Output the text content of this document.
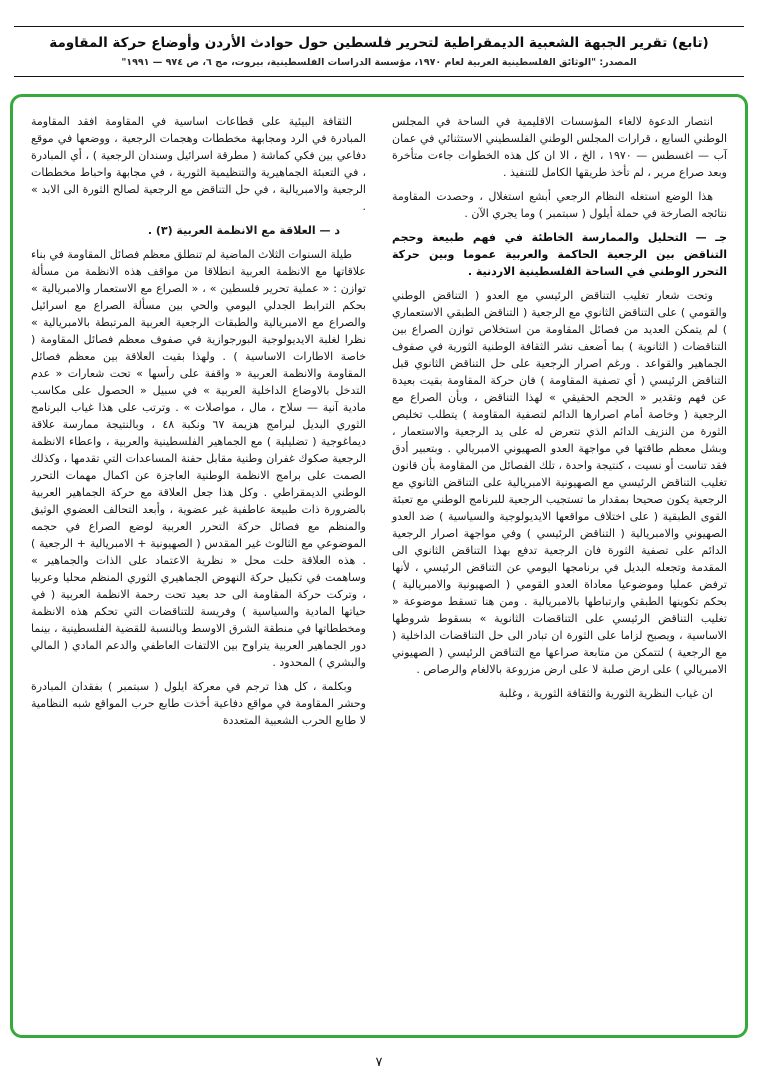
(تابع) تقرير الجبهة الشعبية الديمقراطية لتحرير فلسطين حول حوادث الأردن وأوضاع حركة المقاومة
المصدر: "الوثائق الفلسطينية العربية لعام ١٩٧٠، مؤسسة الدراسات الفلسطينية، بيروت، مج ٦، ص ٩٧٤ — ١٩٩١"
انتصار الدعوة لالغاء المؤسسات الاقليمية في الساحة في المجلس الوطني السابع ، قرارات المجلس الوطني الفلسطيني الاستثنائي في عمان آب — اغسطس — ١٩٧٠ ، الخ ، الا ان كل هذه الخطوات جاءت متأخرة وبعد صراع مرير ، لم تأخذ طريقها الكامل للتنفيذ .
هذا الوضع استغله النظام الرجعي أبشع استغلال ، وحصدت المقاومة نتائجه الصارخة في حملة أيلول ( سبتمبر ) وما يجري الآن .
جـ — التحليل والممارسة الخاطئة في فهم طبيعة وحجم التناقض بين الرجعية الحاكمة والعربية عموما وبين حركة التحرر الوطني في الساحة الفلسطينية الاردنية .
وتحت شعار تغليب التناقض الرئيسي مع العدو ( التناقض الوطني والقومي ) على التناقض الثانوي مع الرجعية ( التناقض الطبقي الاستعماري ) لم يتمكن العديد من فصائل المقاومة من استخلاص توازن الصراع بين التناقضات ( الثانوية ) بما أضعف نشر الثقافة الوطنية الثورية في صفوف الجماهير والقواعد . ورغم اصرار الرجعية على حل التناقض الثانوي قبل التناقض الرئيسي ( أي تصفية المقاومة ) فان حركة المقاومة بقيت بعيدة عن فهم وتقدير « الحجم الحقيقي » لهذا التناقض ، وبأن الصراع مع الرجعية ( وخاصة أمام اصرارها الدائم لتصفية المقاومة ) يتطلب تخليص الثورة من النزيف الدائم الذي تتعرض له على يد الرجعية والاستعمار ، وبشل معظم طاقتها في مواجهة العدو الصهيوني الامبريالي . وبتعبير أدق فقد تناست أو نسيت ، كنتيجة واحدة ، تلك الفصائل من المقاومة بأن قانون تغليب التناقض الرئيسي مع الصهيونية الامبريالية على التناقض الثانوي مع الرجعية يكون صحيحا بمقدار ما تستجيب الرجعية للبرنامج الوطني مع تعبئة القوى الطبقية ( على اختلاف مواقعها الايديولوجية والسياسية ) ضد العدو الصهيوني والامبريالية ( التناقض الرئيسي ) وفي مواجهة اصرار الرجعية الدائم على تصفية الثورة فان الرجعية تدفع بهذا التناقض الثانوي الى المقدمة وتجعله البديل في برنامجها اليومي عن التناقض الرئيسي ، لأنها ترفض عمليا وموضوعيا معاداة العدو القومي ( الصهيونية والامبريالية ) بحكم تكوينها الطبقي وارتباطها بالامبريالية . ومن هنا تسقط موضوعة « تغليب التناقض الرئيسي على التناقضات الثانوية » بسقوط شروطها الاساسية ، ويصبح لزاما على الثورة ان تبادر الى حل التناقضات الداخلية ( مع الرجعية ) لتتمكن من متابعة صراعها مع التناقض الرئيسي ( الصهيوني الامبريالي ) على ارض صلبة لا على ارض مزروعة بالالغام والرصاص .
ان غياب النظرية الثورية والثقافة الثورية ، وغلبة
الثقافة البيئية على قطاعات اساسية في المقاومة افقد المقاومة المبادرة في الرد ومجابهة مخططات وهجمات الرجعية ، ووضعها في موقع دفاعي بين فكي كماشة ( مطرقة اسرائيل وسندان الرجعية ) ، أي المبادرة ، في التعبئة الجماهيرية والتنظيمية الثورية ، في مجابهة واحباط مخططات الرجعية والامبريالية ، في حل التناقض مع الرجعية لصالح الثورة الى الابد » .
د — العلاقة مع الانظمة العربية (٣) .
طيلة السنوات الثلاث الماضية لم تنطلق معظم فصائل المقاومة في بناء علاقاتها مع الانظمة العربية انطلاقا من مواقف هذه الانظمة من مسألة توازن : « عملية تحرير فلسطين » ، « الصراع مع الاستعمار والامبريالية » بحكم الترابط الجدلي اليومي والحي بين مسألة الصراع مع اسرائيل والصراع مع الامبريالية والطبقات الرجعية العربية المرتبطة بالامبريالية » نظرا لغلبة الايديولوجية البورجوازية في صفوف معظم فصائل المقاومة ( خاصة الاطارات الاساسية ) . ولهذا بقيت العلاقة بين معظم فصائل المقاومة والانظمة العربية « واقفة على رأسها » تحت شعارات « عدم التدخل بالاوضاع الداخلية العربية » في سبيل « الحصول على مكاسب مادية آنية — سلاح ، مال ، مواصلات » . وترتب على هذا غياب البرنامج الثوري البديل لبرامج هزيمة ٦٧ ونكبة ٤٨ ، وبالنتيجة ممارسة علاقة ديماغوجية ( تضليلية ) مع الجماهير الفلسطينية والعربية ، واعطاء الانظمة الرجعية صكوك غفران وطنية مقابل حفنة المساعدات التي تقدمها ، وكذلك الصمت على برامج الانظمة الوطنية العاجزة عن اكمال مهمات التحرر الوطني الديمقراطي . وكل هذا جعل العلاقة مع حركة الجماهير العربية بالضرورة ذات طبيعة عاطفية غير عضوية ، وأبعد التحالف العضوي الوثيق والمنظم مع فصائل حركة التحرر العربية لوضع الصراع في حجمه الموضوعي مع الثالوث غير المقدس ( الصهيونية + الامبريالية + الرجعية ) . هذه العلاقة حلت محل « نظرية الاعتماد على الذات والجماهير » وساهمت في تكبيل حركة النهوض الجماهيري الثوري المنظم محليا وعربيا ، وتركت حركة المقاومة الى حد بعيد تحت رحمة الانظمة العربية ( في حياتها المادية والسياسية ) وفريسة للتناقضات التي تحكم هذه الانظمة ومخططاتها في منطقة الشرق الاوسط وبالنسبة للقضية الفلسطينية ، بينما دور الجماهير العربية يتراوح بين الالتفات العاطفي والدعم المادي ( المالي والبشري ) المحدود .
وبكلمة ، كل هذا ترجم في معركة ايلول ( سبتمبر ) بفقدان المبادرة وحشر المقاومة في مواقع دفاعية أخذت طابع حرب المواقع شبه النظامية لا طابع الحرب الشعبية المتعددة
٧
